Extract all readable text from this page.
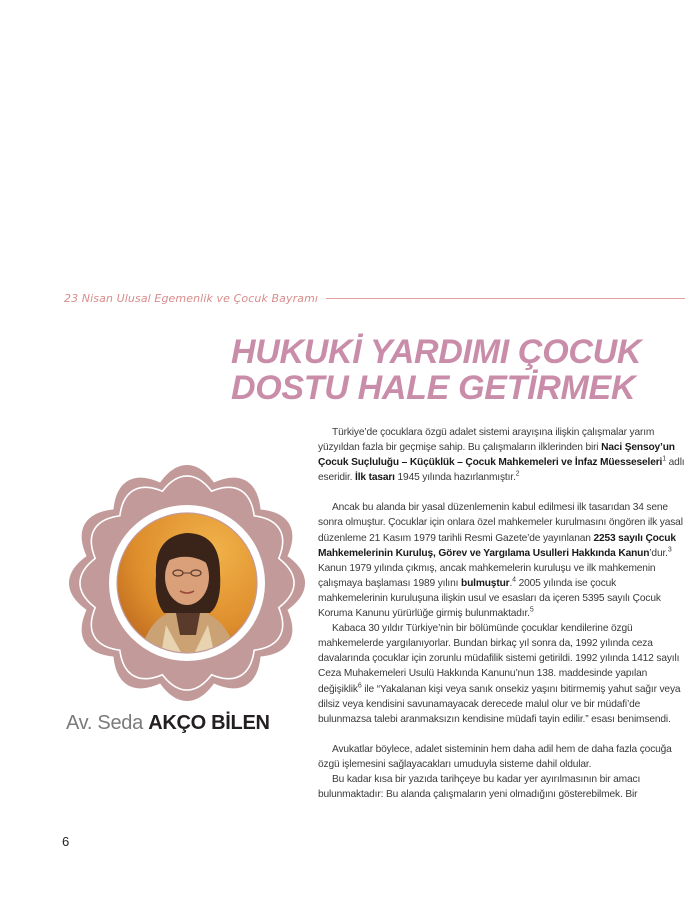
23 Nisan Ulusal Egemenlik ve Çocuk Bayramı
HUKUKİ YARDIMI ÇOCUK
DOSTU HALE GETİRMEK
Av. Seda AKÇO BİLEN

Türkiye’de çocuklara özgü adalet sistemi arayışına ilişkin çalışmalar yarım yüzyıldan fazla bir geçmişe sahip. Bu çalışmaların ilklerinden biri Naci Şensoy’un Çocuk Suçluluğu – Küçüklük – Çocuk Mahkemeleri ve İnfaz Müesseseleri$^1$ adlı eseridir. İlk tasarı 1945 yılında hazırlanmıştır.$^2$

Ancak bu alanda bir yasal düzenlemenin kabul edilmesi ilk tasarıdan 34 sene sonra olmuştur. Çocuklar için onlara özel mahkemeler kurulmasını öngören ilk yasal düzenleme 21 Kasım 1979 tarihli Resmi Gazete’de yayınlanan 2253 sayılı Çocuk Mahkemelerinin Kuruluş, Görev ve Yargılama Usulleri Hakkında Kanun’dur.$^3$ Kanun 1979 yılında çıkmış, ancak mahkemelerin kuruluşu ve ilk mahkemenin çalışmaya başlaması 1989 yılını bulmuştur.$^4$ 2005 yılında ise çocuk mahkemelerinin kuruluşuna ilişkin usul ve esasları da içeren 5395 sayılı Çocuk Koruma Kanunu yürürlüğe girmiş bulunmaktadır.$^5$

Kabaca 30 yıldır Türkiye’nin bir bölümünde çocuklar kendilerine özgü mahkemelerde yargılanıyorlar. Bundan birkaç yıl sonra da, 1992 yılında ceza davalarında çocuklar için zorunlu müdafilik sistemi getirildi. 1992 yılında 1412 sayılı Ceza Muhakemeleri Usulü Hakkında Kanunu’nun 138. maddesinde yapılan değişiklik$^6$ ile “Yakalanan kişi veya sanık onsekiz yaşını bitirmemiş yahut sağır veya dilsiz veya kendisini savunamayacak derecede malul olur ve bir müdafi’de bulunmazsa talebi aranmaksızın kendisine müdafi tayin edilir.” esası benimsendi.

Avukatlar böylece, adalet sisteminin hem daha adil hem de daha fazla çocuğa özgü işlemesini sağlayacakları umuduyla sisteme dahil oldular.

Bu kadar kısa bir yazıda tarihçeye bu kadar yer ayırılmasının bir amacı bulunmaktadır: Bu alanda çalışmaların yeni olmadığını gösterebilmek. Bir

6
